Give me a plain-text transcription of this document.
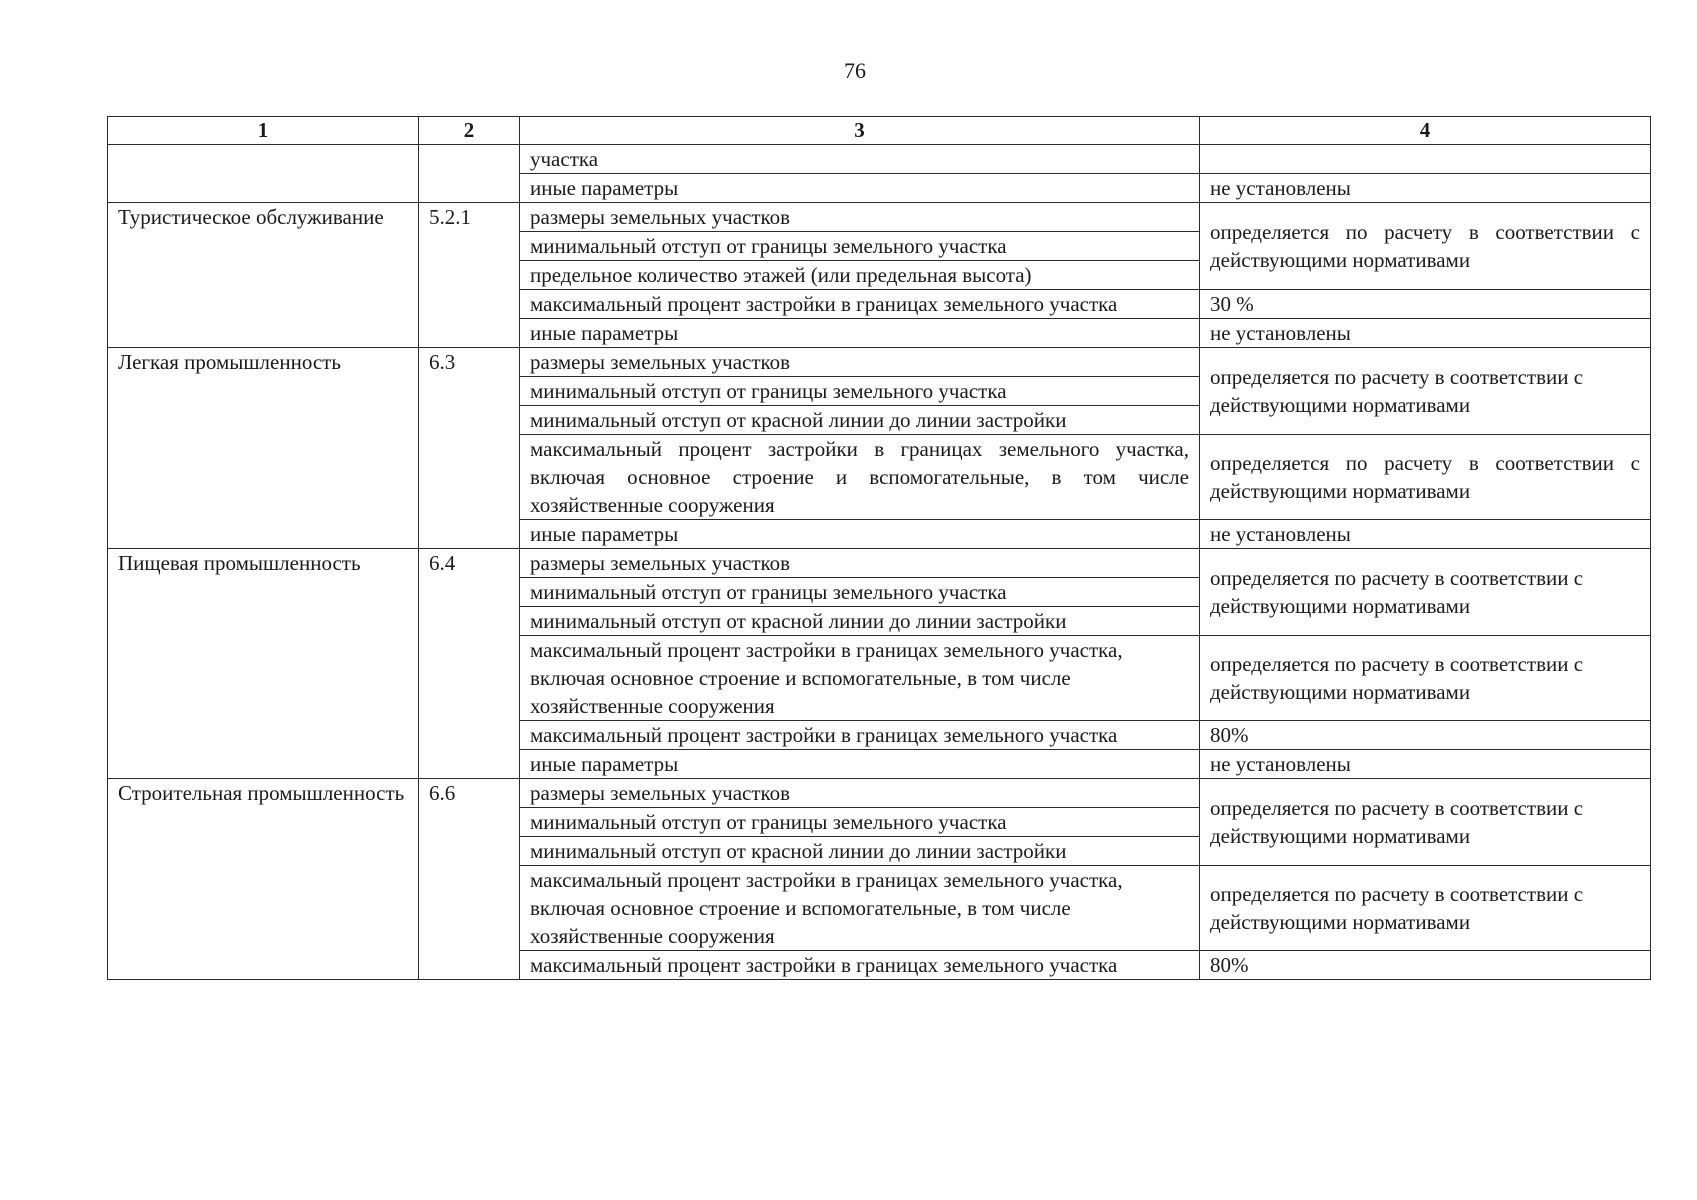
76
1	2	3	4
		участка	
		иные параметры	не установлены
Туристическое обслуживание	5.2.1	размеры земельных участков	определяется по расчету в соответствии с действующими нормативами
		минимальный отступ от границы земельного участка	
		предельное количество этажей (или предельная высота)	
		максимальный процент застройки в границах земельного участка	30 %
		иные параметры	не установлены
Легкая промышленность	6.3	размеры земельных участков	определяется по расчету в соответствии с действующими нормативами
		минимальный отступ от границы земельного участка	
		минимальный отступ от красной линии до линии застройки	
		максимальный процент застройки в границах земельного участка, включая основное строение и вспомогательные, в том числе хозяйственные сооружения	определяется по расчету в соответствии с действующими нормативами
		иные параметры	не установлены
Пищевая промышленность	6.4	размеры земельных участков	определяется по расчету в соответствии с действующими нормативами
		минимальный отступ от границы земельного участка	
		минимальный отступ от красной линии до линии застройки	
		максимальный процент застройки в границах земельного участка, включая основное строение и вспомогательные, в том числе хозяйственные сооружения	определяется по расчету в соответствии с действующими нормативами
		максимальный процент застройки в границах земельного участка	80%
		иные параметры	не установлены
Строительная промышленность	6.6	размеры земельных участков	определяется по расчету в соответствии с действующими нормативами
		минимальный отступ от границы земельного участка	
		минимальный отступ от красной линии до линии застройки	
		максимальный процент застройки в границах земельного участка, включая основное строение и вспомогательные, в том числе хозяйственные сооружения	определяется по расчету в соответствии с действующими нормативами
		максимальный процент застройки в границах земельного участка	80%
